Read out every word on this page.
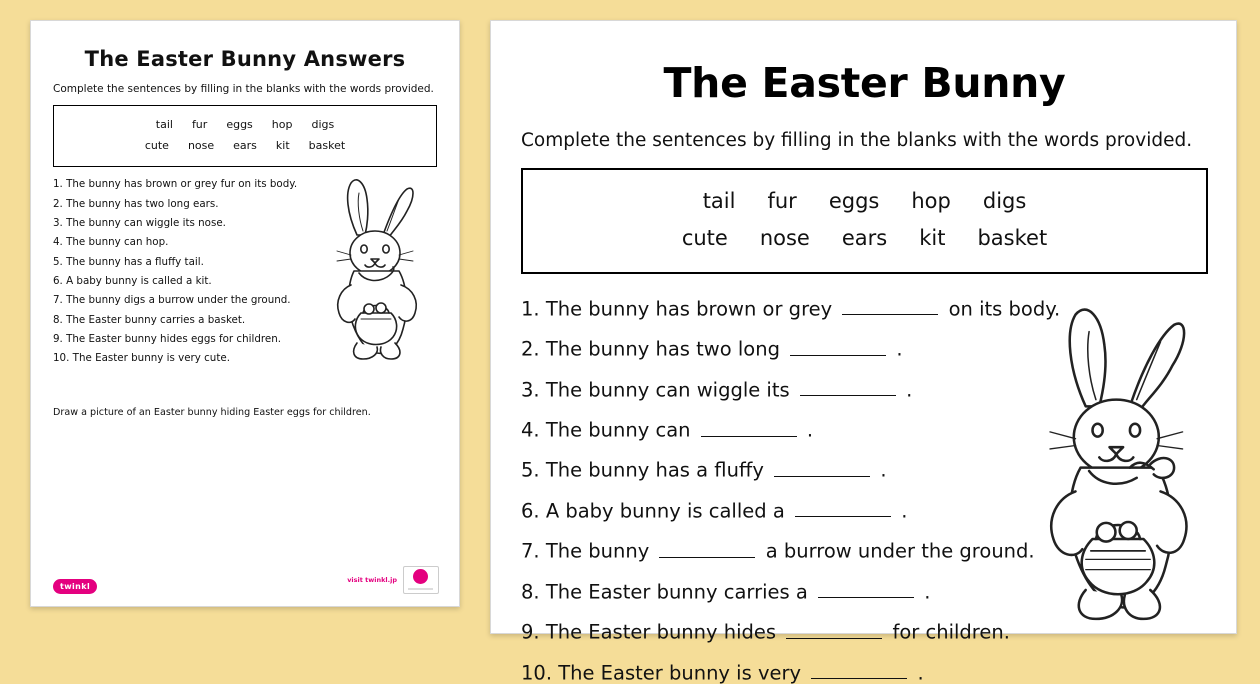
The Easter Bunny Answers
Complete the sentences by filling in the blanks with the words provided.
tail fur eggs hop digs
cute nose ears kit basket
1. The bunny has brown or grey fur on its body.
2. The bunny has two long ears.
3. The bunny can wiggle its nose.
4. The bunny can hop.
5. The bunny has a fluffy tail.
6. A baby bunny is called a kit.
7. The bunny digs a burrow under the ground.
8. The Easter bunny carries a basket.
9. The Easter bunny hides eggs for children.
10. The Easter bunny is very cute.
Draw a picture of an Easter bunny hiding Easter eggs for children.
twinkl
visit twinkl.jp
The Easter Bunny
Complete the sentences by filling in the blanks with the words provided.
tail fur eggs hop digs
cute nose ears kit basket
1. The bunny has brown or grey	on its body.
2. The bunny has two long	.
3. The bunny can wiggle its	.
4. The bunny can	.
5. The bunny has a fluffy	.
6. A baby bunny is called a	.
7. The bunny	a burrow under the ground.
8. The Easter bunny carries a	.
9. The Easter bunny hides	for children.
10. The Easter bunny is very	.
